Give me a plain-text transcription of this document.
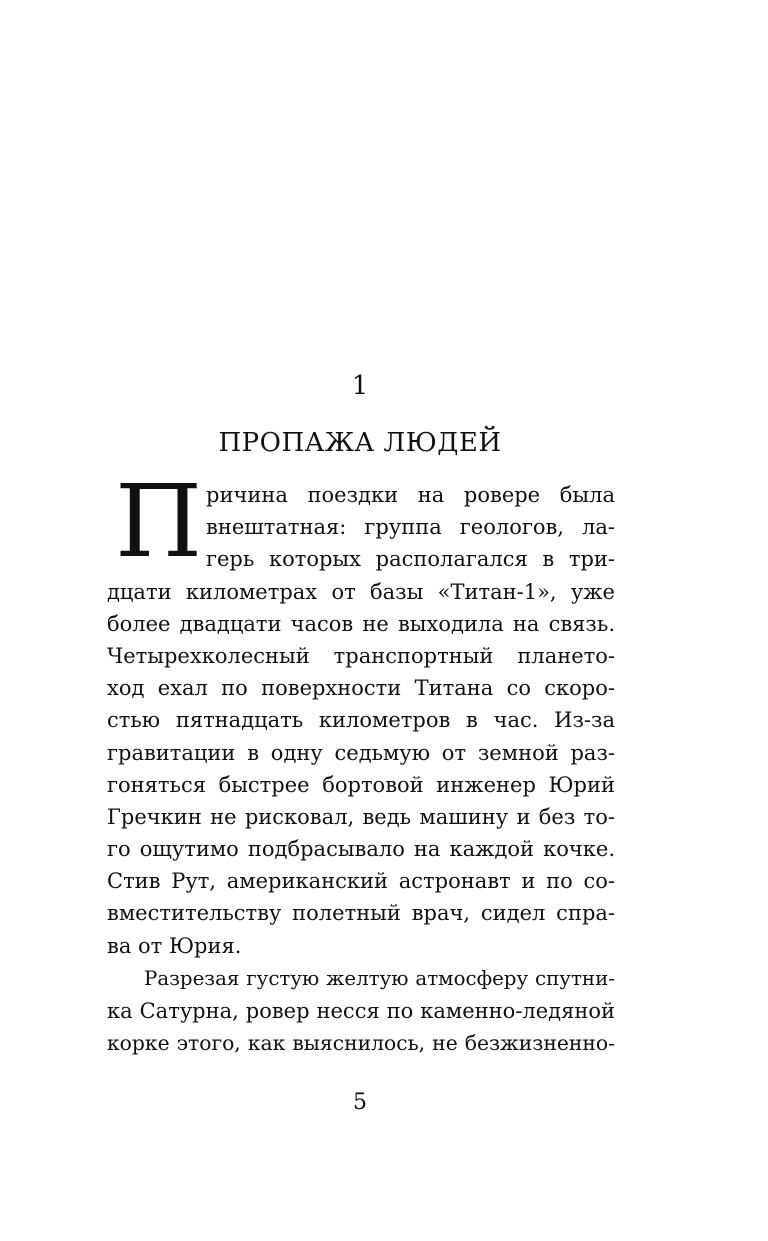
1
ПРОПАЖА ЛЮДЕЙ
П ричина поездки на ровере была
внештатная: группа геологов, ла-
герь которых располагался в три-
дцати километрах от базы «Титан-1», уже
более двадцати часов не выходила на связь.
Четырехколесный транспортный плането-
ход ехал по поверхности Титана со скоро-
стью пятнадцать километров в час. Из-за
гравитации в одну седьмую от земной раз-
гоняться быстрее бортовой инженер Юрий
Гречкин не рисковал, ведь машину и без то-
го ощутимо подбрасывало на каждой кочке.
Стив Рут, американский астронавт и по со-
вместительству полетный врач, сидел спра-
ва от Юрия.
Разрезая густую желтую атмосферу спутни-
ка Сатурна, ровер несся по каменно-ледяной
корке этого, как выяснилось, не безжизненно-
5
